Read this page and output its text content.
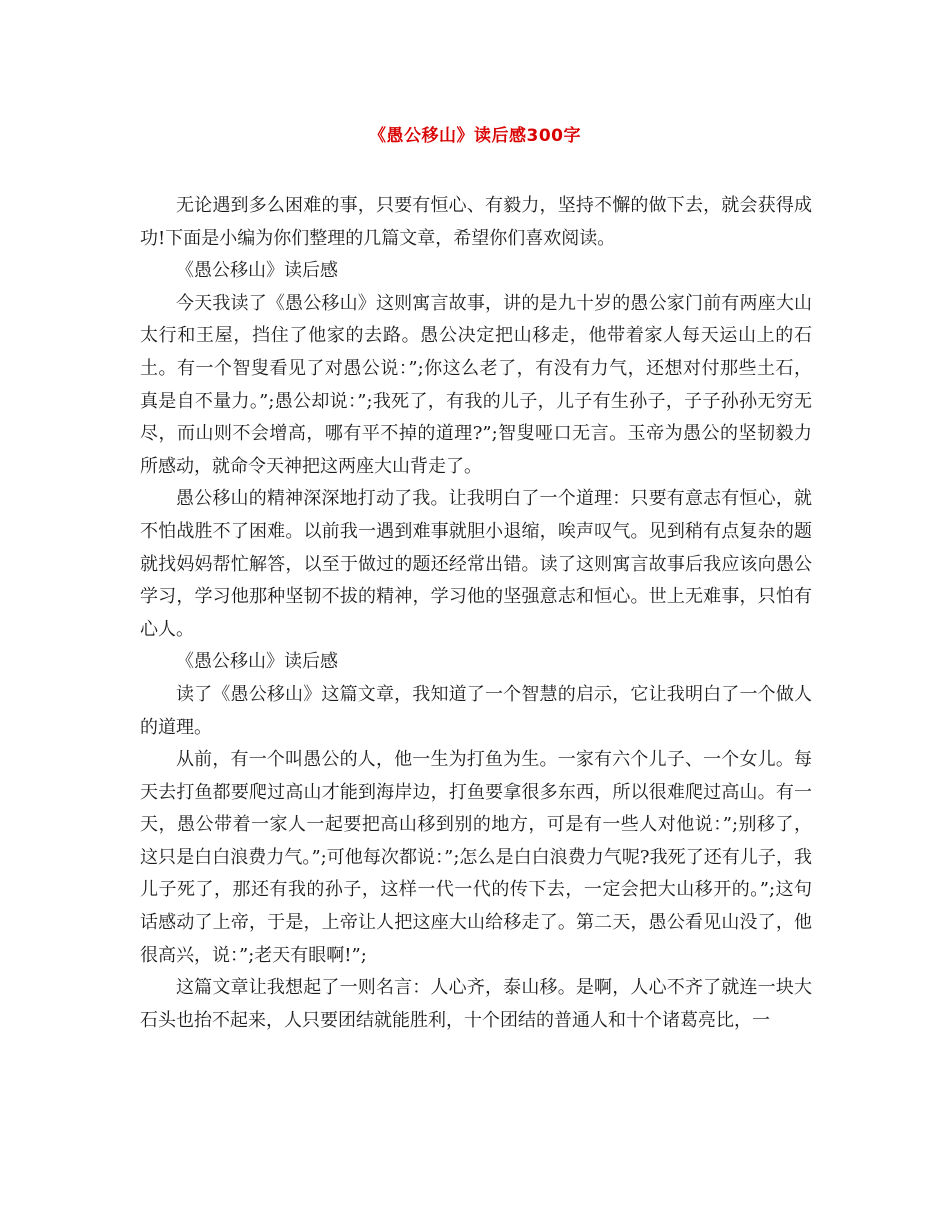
《愚公移山》读后感300字

无论遇到多么困难的事，只要有恒心、有毅力，坚持不懈的做下去，就会获得成功!下面是小编为你们整理的几篇文章，希望你们喜欢阅读。

《愚公移山》读后感

今天我读了《愚公移山》这则寓言故事，讲的是九十岁的愚公家门前有两座大山太行和王屋，挡住了他家的去路。愚公决定把山移走，他带着家人每天运山上的石土。有一个智叟看见了对愚公说：”;你这么老了，有没有力气，还想对付那些土石，真是自不量力。”;愚公却说：”;我死了，有我的儿子，儿子有生孙子，子子孙孙无穷无尽，而山则不会增高，哪有平不掉的道理?”;智叟哑口无言。玉帝为愚公的坚韧毅力所感动，就命令天神把这两座大山背走了。

愚公移山的精神深深地打动了我。让我明白了一个道理：只要有意志有恒心，就不怕战胜不了困难。以前我一遇到难事就胆小退缩，唉声叹气。见到稍有点复杂的题就找妈妈帮忙解答，以至于做过的题还经常出错。读了这则寓言故事后我应该向愚公学习，学习他那种坚韧不拔的精神，学习他的坚强意志和恒心。世上无难事，只怕有心人。

《愚公移山》读后感

读了《愚公移山》这篇文章，我知道了一个智慧的启示，它让我明白了一个做人的道理。

从前，有一个叫愚公的人，他一生为打鱼为生。一家有六个儿子、一个女儿。每天去打鱼都要爬过高山才能到海岸边，打鱼要拿很多东西，所以很难爬过高山。有一天，愚公带着一家人一起要把高山移到别的地方，可是有一些人对他说：”;别移了，这只是白白浪费力气。”;可他每次都说：”;怎么是白白浪费力气呢?我死了还有儿子，我儿子死了，那还有我的孙子，这样一代一代的传下去，一定会把大山移开的。”;这句话感动了上帝，于是，上帝让人把这座大山给移走了。第二天，愚公看见山没了，他很高兴，说：”;老天有眼啊!”;

这篇文章让我想起了一则名言：人心齐，泰山移。是啊，人心不齐了就连一块大石头也抬不起来，人只要团结就能胜利，十个团结的普通人和十个诸葛亮比，一
